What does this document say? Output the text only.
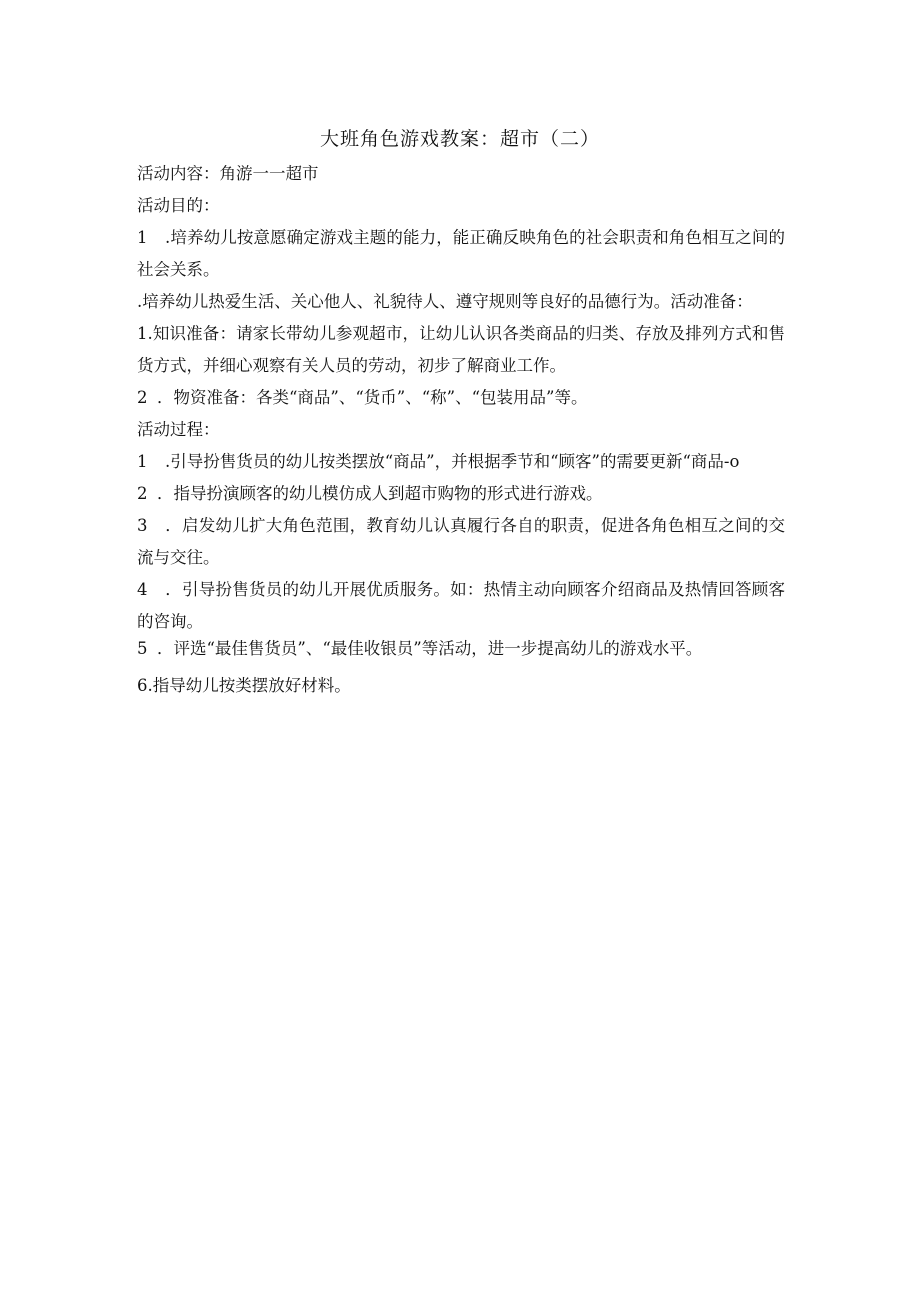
大班角色游戏教案：超市（二）

活动内容：角游一一超市

活动目的：

1 .培养幼儿按意愿确定游戏主题的能力，能正确反映角色的社会职责和角色相互之间的社会关系。

.培养幼儿热爱生活、关心他人、礼貌待人、遵守规则等良好的品德行为。活动准备：

1.知识准备：请家长带幼儿参观超市，让幼儿认识各类商品的归类、存放及排列方式和售货方式，并细心观察有关人员的劳动，初步了解商业工作。

2 ．物资准备：各类“商品”、“货币”、“称”、“包装用品”等。

活动过程：

1 .引导扮售货员的幼儿按类摆放“商品”，并根据季节和“顾客”的需要更新“商品-o

2 ．指导扮演顾客的幼儿模仿成人到超市购物的形式进行游戏。

3 ．启发幼儿扩大角色范围，教育幼儿认真履行各自的职责，促进各角色相互之间的交流与交往。

4 ．引导扮售货员的幼儿开展优质服务。如：热情主动向顾客介绍商品及热情回答顾客的咨询。

5 ．评选“最佳售货员”、“最佳收银员”等活动，进一步提高幼儿的游戏水平。

6.指导幼儿按类摆放好材料。
